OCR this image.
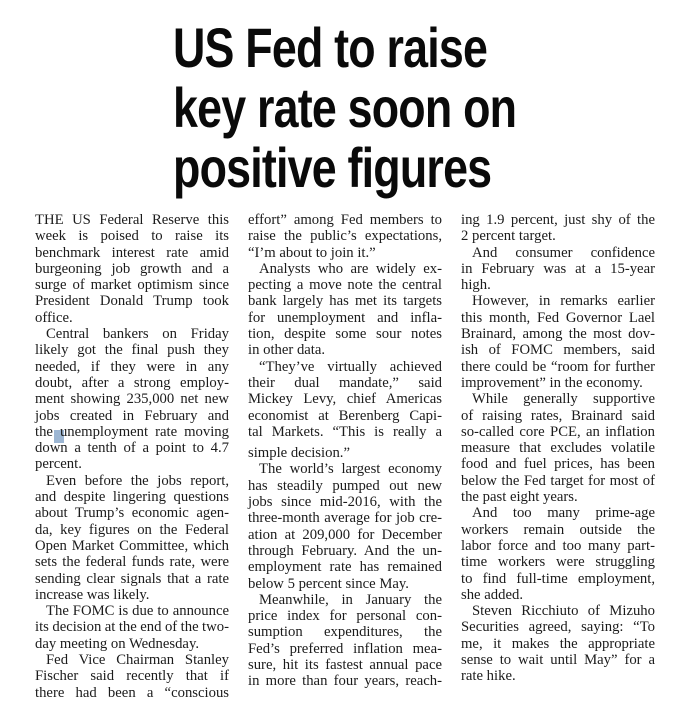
US Fed to raise
key rate soon on
positive figures
THE US Federal Reserve this
week is poised to raise its
benchmark interest rate amid
burgeoning job growth and a
surge of market optimism since
President Donald Trump took
office.
Central bankers on Friday
likely got the final push they
needed, if they were in any
doubt, after a strong employ-
ment showing 235,000 net new
jobs created in February and
the unemployment rate moving
down a tenth of a point to 4.7
percent.
Even before the jobs report,
and despite lingering questions
about Trump’s economic agen-
da, key figures on the Federal
Open Market Committee, which
sets the federal funds rate, were
sending clear signals that a rate
increase was likely.
The FOMC is due to announce
its decision at the end of the two-
day meeting on Wednesday.
Fed Vice Chairman Stanley
Fischer said recently that if
there had been a “conscious
effort” among Fed members to
raise the public’s expectations,
“I’m about to join it.”
Analysts who are widely ex-
pecting a move note the central
bank largely has met its targets
for unemployment and infla-
tion, despite some sour notes
in other data.
“They’ve virtually achieved
their dual mandate,” said
Mickey Levy, chief Americas
economist at Berenberg Capi-
tal Markets. “This is really a
simple decision.”
The world’s largest economy
has steadily pumped out new
jobs since mid-2016, with the
three-month average for job cre-
ation at 209,000 for December
through February. And the un-
employment rate has remained
below 5 percent since May.
Meanwhile, in January the
price index for personal con-
sumption expenditures, the
Fed’s preferred inflation mea-
sure, hit its fastest annual pace
in more than four years, reach-
ing 1.9 percent, just shy of the
2 percent target.
And consumer confidence
in February was at a 15-year
high.
However, in remarks earlier
this month, Fed Governor Lael
Brainard, among the most dov-
ish of FOMC members, said
there could be “room for further
improvement” in the economy.
While generally supportive
of raising rates, Brainard said
so-called core PCE, an inflation
measure that excludes volatile
food and fuel prices, has been
below the Fed target for most of
the past eight years.
And too many prime-age
workers remain outside the
labor force and too many part-
time workers were struggling
to find full-time employment,
she added.
Steven Ricchiuto of Mizuho
Securities agreed, saying: “To
me, it makes the appropriate
sense to wait until May” for a
rate hike.
